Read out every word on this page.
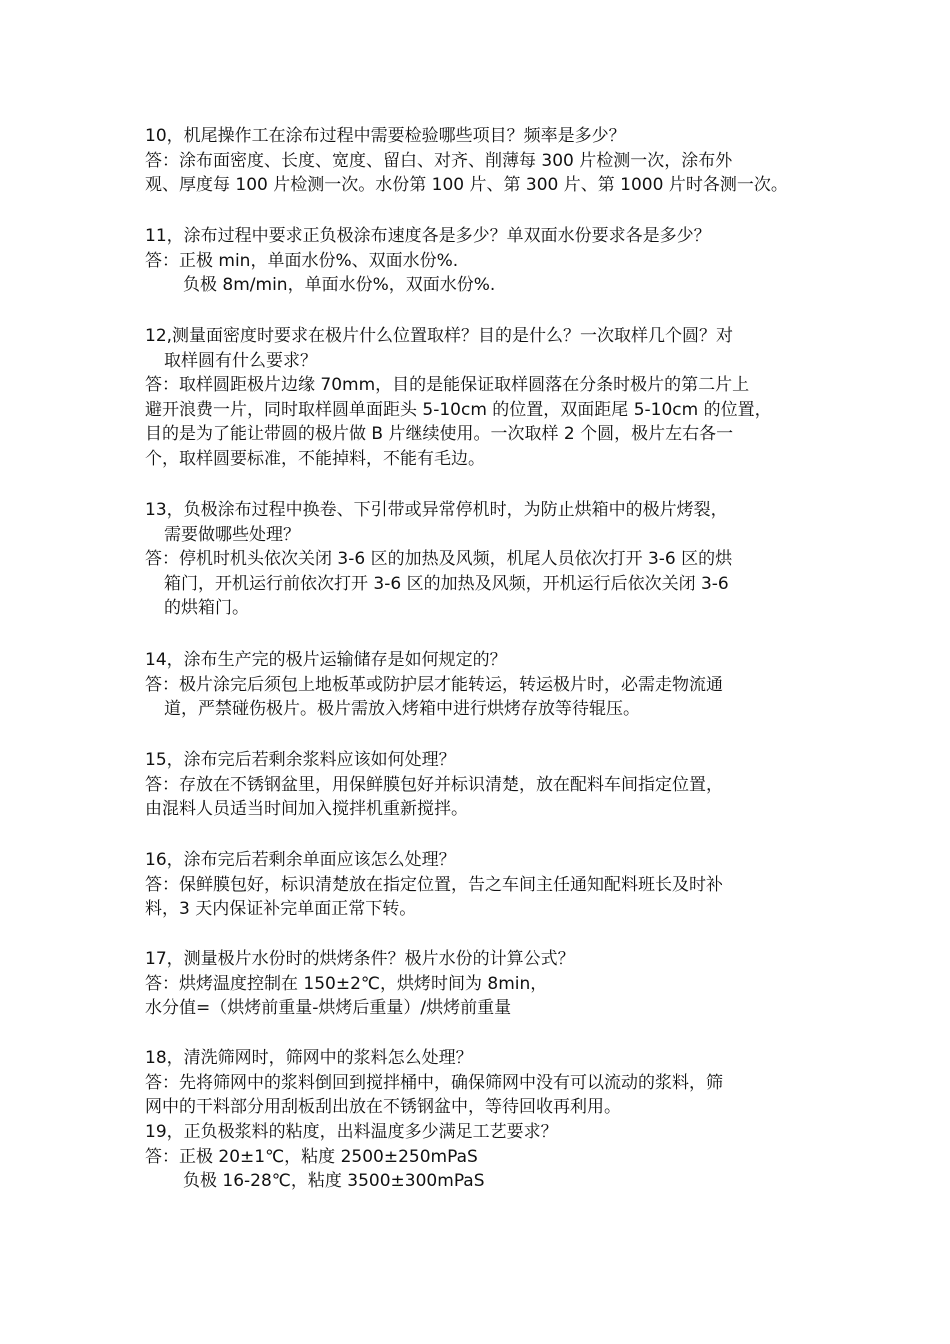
10，机尾操作工在涂布过程中需要检验哪些项目？频率是多少？
答：涂布面密度、长度、宽度、留白、对齐、削薄每 300 片检测一次，涂布外
观、厚度每 100 片检测一次。水份第 100 片、第 300 片、第 1000 片时各测一次。
11，涂布过程中要求正负极涂布速度各是多少？单双面水份要求各是多少？
答：正极 min，单面水份%、双面水份%.
负极 8m/min，单面水份%，双面水份%.
12,测量面密度时要求在极片什么位置取样？目的是什么？一次取样几个圆？对
取样圆有什么要求？
答：取样圆距极片边缘 70mm，目的是能保证取样圆落在分条时极片的第二片上
避开浪费一片，同时取样圆单面距头 5-10cm 的位置，双面距尾 5-10cm 的位置，
目的是为了能让带圆的极片做 B 片继续使用。一次取样 2 个圆，极片左右各一
个，取样圆要标准，不能掉料，不能有毛边。
13，负极涂布过程中换卷、下引带或异常停机时，为防止烘箱中的极片烤裂，
需要做哪些处理？
答：停机时机头依次关闭 3-6 区的加热及风频，机尾人员依次打开 3-6 区的烘
箱门，开机运行前依次打开 3-6 区的加热及风频，开机运行后依次关闭 3-6
的烘箱门。
14，涂布生产完的极片运输储存是如何规定的？
答：极片涂完后须包上地板革或防护层才能转运，转运极片时，必需走物流通
道，严禁碰伤极片。极片需放入烤箱中进行烘烤存放等待辊压。
15，涂布完后若剩余浆料应该如何处理？
答：存放在不锈钢盆里，用保鲜膜包好并标识清楚，放在配料车间指定位置，
由混料人员适当时间加入搅拌机重新搅拌。
16，涂布完后若剩余单面应该怎么处理？
答：保鲜膜包好，标识清楚放在指定位置，告之车间主任通知配料班长及时补
料，3 天内保证补完单面正常下转。
17，测量极片水份时的烘烤条件？极片水份的计算公式？
答：烘烤温度控制在 150±2℃，烘烤时间为 8min，
水分值=（烘烤前重量-烘烤后重量）/烘烤前重量
18，清洗筛网时，筛网中的浆料怎么处理？
答：先将筛网中的浆料倒回到搅拌桶中，确保筛网中没有可以流动的浆料，筛
网中的干料部分用刮板刮出放在不锈钢盆中，等待回收再利用。
19，正负极浆料的粘度，出料温度多少满足工艺要求？
答：正极 20±1℃，粘度 2500±250mPaS
负极 16-28℃，粘度 3500±300mPaS
